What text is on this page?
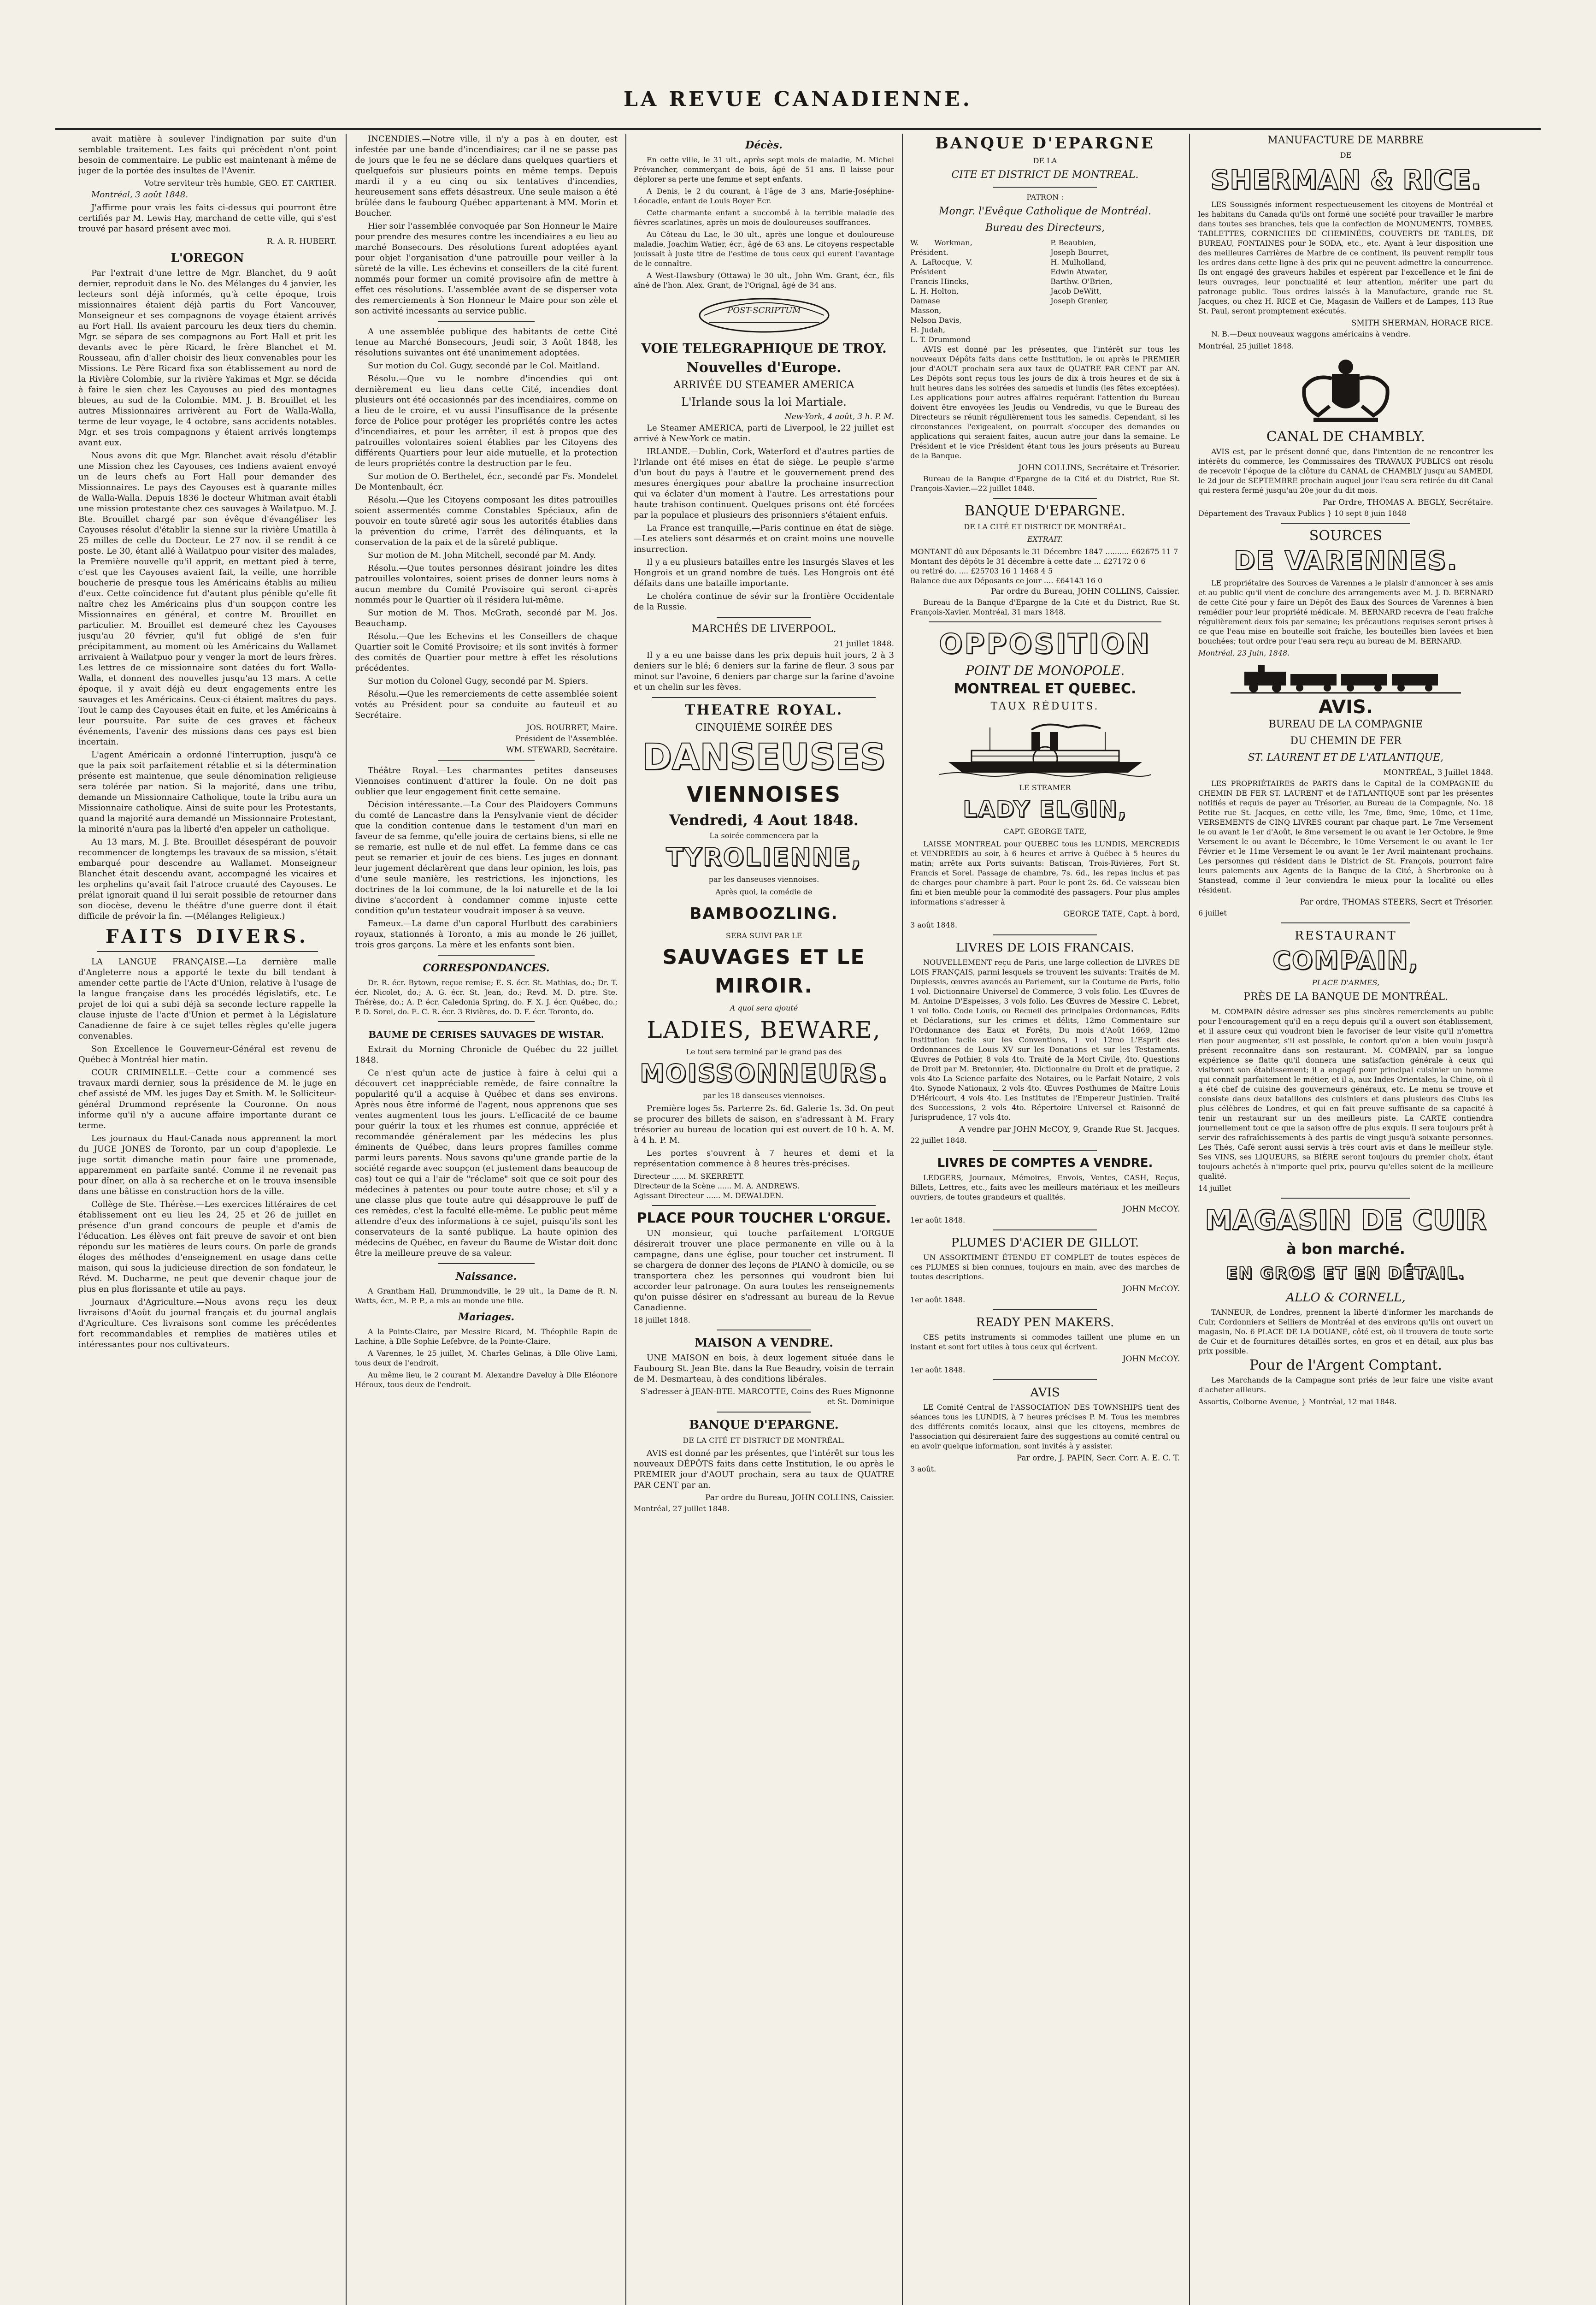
LA REVUE CANADIENNE.

avait matière à soulever l'indignation par suite d'un semblable traitement. Les faits qui précèdent n'ont point besoin de commentaire. Le public est maintenant à même de juger de la portée des insultes de l'Avenir.

Votre serviteur très humble, GEO. ET. CARTIER.

Montréal, 3 août 1848.

J'affirme pour vrais les faits ci-dessus qui pourront être certifiés par M. Lewis Hay, marchand de cette ville, qui s'est trouvé par hasard présent avec moi.

R. A. R. HUBERT.
L'OREGON

Par l'extrait d'une lettre de Mgr. Blanchet, du 9 août dernier, reproduit dans le No. des Mélanges du 4 janvier, les lecteurs sont déjà informés, qu'à cette époque, trois missionnaires étaient déjà partis du Fort Vancouver, Monseigneur et ses compagnons de voyage étaient arrivés au Fort Hall. Ils avaient parcouru les deux tiers du chemin. Mgr. se sépara de ses compagnons au Fort Hall et prit les devants avec le père Ricard, le frère Blanchet et M. Rousseau, afin d'aller choisir des lieux convenables pour les Missions. Le Père Ricard fixa son établissement au nord de la Rivière Colombie, sur la rivière Yakimas et Mgr. se décida à faire le sien chez les Cayouses au pied des montagnes bleues, au sud de la Colombie. MM. J. B. Brouillet et les autres Missionnaires arrivèrent au Fort de Walla-Walla, terme de leur voyage, le 4 octobre, sans accidents notables. Mgr. et ses trois compagnons y étaient arrivés longtemps avant eux.

Nous avons dit que Mgr. Blanchet avait résolu d'établir une Mission chez les Cayouses, ces Indiens avaient envoyé un de leurs chefs au Fort Hall pour demander des Missionnaires. Le pays des Cayouses est à quarante milles de Walla-Walla. Depuis 1836 le docteur Whitman avait établi une mission protestante chez ces sauvages à Wailatpuo. M. J. Bte. Brouillet chargé par son évêque d'évangéliser les Cayouses résolut d'établir la sienne sur la rivière Umatilla à 25 milles de celle du Docteur. Le 27 nov. il se rendit à ce poste. Le 30, étant allé à Wailatpuo pour visiter des malades, la Première nouvelle qu'il apprit, en mettant pied à terre, c'est que les Cayouses avaient fait, la veille, une horrible boucherie de presque tous les Américains établis au milieu d'eux. Cette coïncidence fut d'autant plus pénible qu'elle fit naître chez les Américains plus d'un soupçon contre les Missionnaires en général, et contre M. Brouillet en particulier. M. Brouillet est demeuré chez les Cayouses jusqu'au 20 février, qu'il fut obligé de s'en fuir précipitamment, au moment où les Américains du Wallamet arrivaient à Wailatpuo pour y venger la mort de leurs frères. Les lettres de ce missionnaire sont datées du fort Walla-Walla, et donnent des nouvelles jusqu'au 13 mars. A cette époque, il y avait déjà eu deux engagements entre les sauvages et les Américains. Ceux-ci étaient maîtres du pays. Tout le camp des Cayouses était en fuite, et les Américains à leur poursuite. Par suite de ces graves et fâcheux événements, l'avenir des missions dans ces pays est bien incertain.

L'agent Américain a ordonné l'interruption, jusqu'à ce que la paix soit parfaitement rétablie et si la détermination présente est maintenue, que seule dénomination religieuse sera tolérée par nation. Si la majorité, dans une tribu, demande un Missionnaire Catholique, toute la tribu aura un Missionnaire catholique. Ainsi de suite pour les Protestants, quand la majorité aura demandé un Missionnaire Protestant, la minorité n'aura pas la liberté d'en appeler un catholique.

Au 13 mars, M. J. Bte. Brouillet désespérant de pouvoir recommencer de longtemps les travaux de sa mission, s'était embarqué pour descendre au Wallamet. Monseigneur Blanchet était descendu avant, accompagné les vicaires et les orphelins qu'avait fait l'atroce cruauté des Cayouses. Le prélat ignorait quand il lui serait possible de retourner dans son diocèse, devenu le théâtre d'une guerre dont il était difficile de prévoir la fin. —(Mélanges Religieux.)

FAITS DIVERS.

LA LANGUE FRANÇAISE.—La dernière malle d'Angleterre nous a apporté le texte du bill tendant à amender cette partie de l'Acte d'Union, relative à l'usage de la langue française dans les procédés législatifs, etc. Le projet de loi qui a subi déjà sa seconde lecture rappelle la clause injuste de l'acte d'Union et permet à la Législature Canadienne de faire à ce sujet telles règles qu'elle jugera convenables.

Son Excellence le Gouverneur-Général est revenu de Québec à Montréal hier matin.

COUR CRIMINELLE.—Cette cour a commencé ses travaux mardi dernier, sous la présidence de M. le juge en chef assisté de MM. les juges Day et Smith. M. le Solliciteur-général Drummond représente la Couronne. On nous informe qu'il n'y a aucune affaire importante durant ce terme.

Les journaux du Haut-Canada nous apprennent la mort du JUGE JONES de Toronto, par un coup d'apoplexie. Le juge sortit dimanche matin pour faire une promenade, apparemment en parfaite santé. Comme il ne revenait pas pour dîner, on alla à sa recherche et on le trouva insensible dans une bâtisse en construction hors de la ville.

Collège de Ste. Thérèse.—Les exercices littéraires de cet établissement ont eu lieu les 24, 25 et 26 de juillet en présence d'un grand concours de peuple et d'amis de l'éducation. Les élèves ont fait preuve de savoir et ont bien répondu sur les matières de leurs cours. On parle de grands éloges des méthodes d'enseignement en usage dans cette maison, qui sous la judicieuse direction de son fondateur, le Révd. M. Ducharme, ne peut que devenir chaque jour de plus en plus florissante et utile au pays.

Journaux d'Agriculture.—Nous avons reçu les deux livraisons d'Août du journal français et du journal anglais d'Agriculture. Ces livraisons sont comme les précédentes fort recommandables et remplies de matières utiles et intéressantes pour nos cultivateurs.

INCENDIES.—Notre ville, il n'y a pas à en douter, est infestée par une bande d'incendiaires; car il ne se passe pas de jours que le feu ne se déclare dans quelques quartiers et quelquefois sur plusieurs points en même temps. Depuis mardi il y a eu cinq ou six tentatives d'incendies, heureusement sans effets désastreux. Une seule maison a été brûlée dans le faubourg Québec appartenant à MM. Morin et Boucher.

Hier soir l'assemblée convoquée par Son Honneur le Maire pour prendre des mesures contre les incendiaires a eu lieu au marché Bonsecours. Des résolutions furent adoptées ayant pour objet l'organisation d'une patrouille pour veiller à la sûreté de la ville. Les échevins et conseillers de la cité furent nommés pour former un comité provisoire afin de mettre à effet ces résolutions. L'assemblée avant de se disperser vota des remerciements à Son Honneur le Maire pour son zèle et son activité incessants au service public.

A une assemblée publique des habitants de cette Cité tenue au Marché Bonsecours, Jeudi soir, 3 Août 1848, les résolutions suivantes ont été unanimement adoptées.

Sur motion du Col. Gugy, secondé par le Col. Maitland.

Résolu.—Que vu le nombre d'incendies qui ont dernièrement eu lieu dans cette Cité, incendies dont plusieurs ont été occasionnés par des incendiaires, comme on a lieu de le croire, et vu aussi l'insuffisance de la présente force de Police pour protéger les propriétés contre les actes d'incendiaires, et pour les arrêter, il est à propos que des patrouilles volontaires soient établies par les Citoyens des différents Quartiers pour leur aide mutuelle, et la protection de leurs propriétés contre la destruction par le feu.

Sur motion de O. Berthelet, écr., secondé par Fs. Mondelet De Montenbault, écr.

Résolu.—Que les Citoyens composant les dites patrouilles soient assermentés comme Constables Spéciaux, afin de pouvoir en toute sûreté agir sous les autorités établies dans la prévention du crime, l'arrêt des délinquants, et la conservation de la paix et de la sûreté publique.

Sur motion de M. John Mitchell, secondé par M. Andy.

Résolu.—Que toutes personnes désirant joindre les dites patrouilles volontaires, soient prises de donner leurs noms à aucun membre du Comité Provisoire qui seront ci-après nommés pour le Quartier où il résidera lui-même.

Sur motion de M. Thos. McGrath, secondé par M. Jos. Beauchamp.

Résolu.—Que les Echevins et les Conseillers de chaque Quartier soit le Comité Provisoire; et ils sont invités à former des comités de Quartier pour mettre à effet les résolutions précédentes.

Sur motion du Colonel Gugy, secondé par M. Spiers.

Résolu.—Que les remerciements de cette assemblée soient votés au Président pour sa conduite au fauteuil et au Secrétaire.

JOS. BOURRET, Maire.
Président de l'Assemblée.
WM. STEWARD, Secrétaire.

Théâtre Royal.—Les charmantes petites danseuses Viennoises continuent d'attirer la foule. On ne doit pas oublier que leur engagement finit cette semaine.

Décision intéressante.—La Cour des Plaidoyers Communs du comté de Lancastre dans la Pensylvanie vient de décider que la condition contenue dans le testament d'un mari en faveur de sa femme, qu'elle jouira de certains biens, si elle ne se remarie, est nulle et de nul effet. La femme dans ce cas peut se remarier et jouir de ces biens. Les juges en donnant leur jugement déclarèrent que dans leur opinion, les lois, pas d'une seule manière, les restrictions, les injonctions, les doctrines de la loi commune, de la loi naturelle et de la loi divine s'accordent à condamner comme injuste cette condition qu'un testateur voudrait imposer à sa veuve.

Fameux.—La dame d'un caporal Hurlbutt des carabiniers royaux, stationnés à Toronto, a mis au monde le 26 juillet, trois gros garçons. La mère et les enfants sont bien.

CORRESPONDANCES.

Dr. R. écr. Bytown, reçue remise; E. S. écr. St. Mathias, do.; Dr. T. écr. Nicolet, do.; A. G. écr. St. Jean, do.; Revd. M. D. ptre. Ste. Thérèse, do.; A. P. écr. Caledonia Spring, do. F. X. J. écr. Québec, do.; P. D. Sorel, do. E. C. R. écr. 3 Rivières, do. D. F. écr. Toronto, do.

BAUME DE CERISES SAUVAGES DE WISTAR.

Extrait du Morning Chronicle de Québec du 22 juillet 1848.

Ce n'est qu'un acte de justice à faire à celui qui a découvert cet inappréciable remède, de faire connaître la popularité qu'il a acquise à Québec et dans ses environs. Après nous être informé de l'agent, nous apprenons que ses ventes augmentent tous les jours. L'efficacité de ce baume pour guérir la toux et les rhumes est connue, appréciée et recommandée généralement par les médecins les plus éminents de Québec, dans leurs propres familles comme parmi leurs parents. Nous savons qu'une grande partie de la société regarde avec soupçon (et justement dans beaucoup de cas) tout ce qui a l'air de "réclame" soit que ce soit pour des médecines à patentes ou pour toute autre chose; et s'il y a une classe plus que toute autre qui désapprouve le puff de ces remèdes, c'est la faculté elle-même. Le public peut même attendre d'eux des informations à ce sujet, puisqu'ils sont les conservateurs de la santé publique. La haute opinion des médecins de Québec, en faveur du Baume de Wistar doit donc être la meilleure preuve de sa valeur.

Naissance.

A Grantham Hall, Drummondville, le 29 ult., la Dame de R. N. Watts, écr., M. P. P., a mis au monde une fille.

Mariages.

A la Pointe-Claire, par Messire Ricard, M. Théophile Rapin de Lachine, à Dlle Sophie Lefebvre, de la Pointe-Claire.

A Varennes, le 25 juillet, M. Charles Gelinas, à Dlle Olive Lami, tous deux de l'endroit.

Au même lieu, le 2 courant M. Alexandre Daveluy à Dlle Eléonore Héroux, tous deux de l'endroit.

Décès.

En cette ville, le 31 ult., après sept mois de maladie, M. Michel Prévancher, commerçant de bois, âgé de 51 ans. Il laisse pour déplorer sa perte une femme et sept enfants.

A Denis, le 2 du courant, à l'âge de 3 ans, Marie-Joséphine-Léocadie, enfant de Louis Boyer Ecr.

Cette charmante enfant a succombé à la terrible maladie des fièvres scarlatines, après un mois de douloureuses souffrances.

Au Côteau du Lac, le 30 ult., après une longue et douloureuse maladie, Joachim Watier, écr., âgé de 63 ans. Le citoyens respectable jouissait à juste titre de l'estime de tous ceux qui eurent l'avantage de le connaître.

A West-Hawsbury (Ottawa) le 30 ult., John Wm. Grant, écr., fils aîné de l'hon. Alex. Grant, de l'Orignal, âgé de 34 ans.

POST-SCRIPTUM
VOIE TELEGRAPHIQUE DE TROY.
Nouvelles d'Europe.
ARRIVÉE DU STEAMER AMERICA
L'Irlande sous la loi Martiale.
New-York, 4 août, 3 h. P. M.

Le Steamer AMERICA, parti de Liverpool, le 22 juillet est arrivé à New-York ce matin.

IRLANDE.—Dublin, Cork, Waterford et d'autres parties de l'Irlande ont été mises en état de siège. Le peuple s'arme d'un bout du pays à l'autre et le gouvernement prend des mesures énergiques pour abattre la prochaine insurrection qui va éclater d'un moment à l'autre. Les arrestations pour haute trahison continuent. Quelques prisons ont été forcées par la populace et plusieurs des prisonniers s'étaient enfuis.

La France est tranquille,—Paris continue en état de siège.—Les ateliers sont désarmés et on craint moins une nouvelle insurrection.

Il y a eu plusieurs batailles entre les Insurgés Slaves et les Hongrois et un grand nombre de tués. Les Hongrois ont été défaits dans une bataille importante.

Le choléra continue de sévir sur la frontière Occidentale de la Russie.

MARCHÉS DE LIVERPOOL.
21 juillet 1848.

Il y a eu une baisse dans les prix depuis huit jours, 2 à 3 deniers sur le blé; 6 deniers sur la farine de fleur. 3 sous par minot sur l'avoine, 6 deniers par charge sur la farine d'avoine et un chelin sur les fèves.

THEATRE ROYAL.
CINQUIÈME SOIRÉE DES
DANSEUSES
VIENNOISES
Vendredi, 4 Aout 1848.
La soirée commencera par la
TYROLIENNE,
par les danseuses viennoises.
Après quoi, la comédie de
BAMBOOZLING.
SERA SUIVI PAR LE
SAUVAGES ET LE MIROIR.
A quoi sera ajouté
LADIES, BEWARE,
Le tout sera terminé par le grand pas des
MOISSONNEURS.
par les 18 danseuses viennoises.

Première loges 5s. Parterre 2s. 6d. Galerie 1s. 3d. On peut se procurer des billets de saison, en s'adressant à M. Frary trésorier au bureau de location qui est ouvert de 10 h. A. M. à 4 h. P. M.

Les portes s'ouvrent à 7 heures et demi et la représentation commence à 8 heures très-précises.

Directeur ...... M. SKERRETT.
Directeur de la Scène ...... M. A. ANDREWS.
Agissant Directeur ...... M. DEWALDEN.
PLACE POUR TOUCHER L'ORGUE.

UN monsieur, qui touche parfaitement L'ORGUE désirerait trouver une place permanente en ville ou à la campagne, dans une église, pour toucher cet instrument. Il se chargera de donner des leçons de PIANO à domicile, ou se transportera chez les personnes qui voudront bien lui accorder leur patronage. On aura toutes les renseignements qu'on puisse désirer en s'adressant au bureau de la Revue Canadienne.

18 juillet 1848.
MAISON A VENDRE.

UNE MAISON en bois, à deux logement située dans le Faubourg St. Jean Bte. dans la Rue Beaudry, voisin de terrain de M. Desmarteau, à des conditions libérales.

S'adresser à JEAN-BTE. MARCOTTE, Coins des Rues Mignonne et St. Dominique
BANQUE D'EPARGNE.
DE LA CITÉ ET DISTRICT DE MONTRÉAL.

AVIS est donné par les présentes, que l'intérêt sur tous les nouveaux DÉPÔTS faits dans cette Institution, le ou après le PREMIER jour d'AOUT prochain, sera au taux de QUATRE PAR CENT par an.

Par ordre du Bureau, JOHN COLLINS, Caissier.
Montréal, 27 juillet 1848.
BANQUE D'EPARGNE
DE LA
CITE ET DISTRICT DE MONTREAL.
PATRON :
Mongr. l'Evêque Catholique de Montréal.
Bureau des Directeurs,
W. Workman, Président.
A. LaRocque, V. Président
Francis Hincks,
L. H. Holton,
Damase Masson,
Nelson Davis,
H. Judah,
L. T. Drummond
P. Beaubien,
Joseph Bourret,
H. Mulholland,
Edwin Atwater,
Barthw. O'Brien,
Jacob DeWitt,
Joseph Grenier,

AVIS est donné par les présentes, que l'intérêt sur tous les nouveaux Dépôts faits dans cette Institution, le ou après le PREMIER jour d'AOUT prochain sera aux taux de QUATRE PAR CENT par AN. Les Dépôts sont reçus tous les jours de dix à trois heures et de six à huit heures dans les soirées des samedis et lundis (les fêtes exceptées). Les applications pour autres affaires requérant l'attention du Bureau doivent être envoyées les Jeudis ou Vendredis, vu que le Bureau des Directeurs se réunit régulièrement tous les samedis. Cependant, si les circonstances l'exigeaient, on pourrait s'occuper des demandes ou applications qui seraient faites, aucun autre jour dans la semaine. Le Président et le vice Président étant tous les jours présents au Bureau de la Banque.

JOHN COLLINS, Secrétaire et Trésorier.

Bureau de la Banque d'Epargne de la Cité et du District, Rue St. François-Xavier.—22 juillet 1848.

BANQUE D'EPARGNE.
DE LA CITÉ ET DISTRICT DE MONTRÉAL.
EXTRAIT.
MONTANT dû aux Déposants le 31 Décembre 1847 .......... £62675 11 7
Montant des dépôts le 31 décembre à cette date ... £27172 0 6
ou retiré do. .... £25703 16 1 1468 4 5
Balance due aux Déposants ce jour .... £64143 16 0
Par ordre du Bureau, JOHN COLLINS, Caissier.

Bureau de la Banque d'Epargne de la Cité et du District, Rue St. François-Xavier. Montréal, 31 mars 1848.

OPPOSITION
POINT DE MONOPOLE.
MONTREAL ET QUEBEC.
TAUX RÉDUITS.
LE STEAMER
LADY ELGIN,
CAPT. GEORGE TATE,

LAISSE MONTREAL pour QUEBEC tous les LUNDIS, MERCREDIS et VENDREDIS au soir, à 6 heures et arrive à Québec à 5 heures du matin; arrête aux Ports suivants: Batiscan, Trois-Rivières, Fort St. Francis et Sorel. Passage de chambre, 7s. 6d., les repas inclus et pas de charges pour chambre à part. Pour le pont 2s. 6d. Ce vaisseau bien fini et bien meublé pour la commodité des passagers. Pour plus amples informations s'adresser à

GEORGE TATE, Capt. à bord,
3 août 1848.
LIVRES DE LOIS FRANCAIS.

NOUVELLEMENT reçu de Paris, une large collection de LIVRES DE LOIS FRANÇAIS, parmi lesquels se trouvent les suivants: Traités de M. Duplessis, œuvres avancés au Parlement, sur la Coutume de Paris, folio 1 vol. Dictionnaire Universel de Commerce, 3 vols folio. Les Œuvres de M. Antoine D'Espeisses, 3 vols folio. Les Œuvres de Messire C. Lebret, 1 vol folio. Code Louis, ou Recueil des principales Ordonnances, Edits et Déclarations, sur les crimes et délits, 12mo Commentaire sur l'Ordonnance des Eaux et Forêts, Du mois d'Août 1669, 12mo Institution facile sur les Conventions, 1 vol 12mo L'Esprit des Ordonnances de Louis XV sur les Donations et sur les Testaments. Œuvres de Pothier, 8 vols 4to. Traité de la Mort Civile, 4to. Questions de Droit par M. Bretonnier, 4to. Dictionnaire du Droit et de pratique, 2 vols 4to La Science parfaite des Notaires, ou le Parfait Notaire, 2 vols 4to. Synode Nationaux, 2 vols 4to. Œuvres Posthumes de Maître Louis D'Héricourt, 4 vols 4to. Les Institutes de l'Empereur Justinien. Traité des Successions, 2 vols 4to. Répertoire Universel et Raisonné de Jurisprudence, 17 vols 4to.

A vendre par JOHN McCOY, 9, Grande Rue St. Jacques.
22 juillet 1848.
LIVRES DE COMPTES A VENDRE.

LEDGERS, Journaux, Mémoires, Envois, Ventes, CASH, Reçus, Billets, Lettres, etc., faits avec les meilleurs matériaux et les meilleurs ouvriers, de toutes grandeurs et qualités.

JOHN McCOY.
1er août 1848.
PLUMES D'ACIER DE GILLOT.

UN ASSORTIMENT ÉTENDU ET COMPLET de toutes espèces de ces PLUMES si bien connues, toujours en main, avec des marches de toutes descriptions.

JOHN McCOY.
1er août 1848.
READY PEN MAKERS.

CES petits instruments si commodes taillent une plume en un instant et sont fort utiles à tous ceux qui écrivent.

JOHN McCOY.
1er août 1848.
AVIS

LE Comité Central de l'ASSOCIATION DES TOWNSHIPS tient des séances tous les LUNDIS, à 7 heures précises P. M. Tous les membres des différents comités locaux, ainsi que les citoyens, membres de l'association qui désireraient faire des suggestions au comité central ou en avoir quelque information, sont invités à y assister.

Par ordre, J. PAPIN, Secr. Corr. A. E. C. T.
3 août.
MANUFACTURE DE MARBRE
DE
SHERMAN & RICE.

LES Soussignés informent respectueusement les citoyens de Montréal et les habitans du Canada qu'ils ont formé une société pour travailler le marbre dans toutes ses branches, tels que la confection de MONUMENTS, TOMBES, TABLETTES, CORNICHES DE CHEMINÉES, COUVERTS DE TABLES, DE BUREAU, FONTAINES pour le SODA, etc., etc. Ayant à leur disposition une des meilleures Carrières de Marbre de ce continent, ils peuvent remplir tous les ordres dans cette ligne à des prix qui ne peuvent admettre la concurrence. Ils ont engagé des graveurs habiles et espèrent par l'excellence et le fini de leurs ouvrages, leur ponctualité et leur attention, mériter une part du patronage public. Tous ordres laissés à la Manufacture, grande rue St. Jacques, ou chez H. RICE et Cie, Magasin de Vaillers et de Lampes, 113 Rue St. Paul, seront promptement exécutés.

SMITH SHERMAN, HORACE RICE.

N. B.—Deux nouveaux waggons américains à vendre.

Montréal, 25 juillet 1848.
CANAL DE CHAMBLY.

AVIS est, par le présent donné que, dans l'intention de ne rencontrer les intérêts du commerce, les Commissaires des TRAVAUX PUBLICS ont résolu de recevoir l'époque de la clôture du CANAL de CHAMBLY jusqu'au SAMEDI, le 2d jour de SEPTEMBRE prochain auquel jour l'eau sera retirée du dit Canal qui restera fermé jusqu'au 20e jour du dit mois.

Par Ordre, THOMAS A. BEGLY, Secrétaire.
Département des Travaux Publics } 10 sept 8 juin 1848
SOURCES
DE VARENNES.

LE propriétaire des Sources de Varennes a le plaisir d'annoncer à ses amis et au public qu'il vient de conclure des arrangements avec M. J. D. BERNARD de cette Cité pour y faire un Dépôt des Eaux des Sources de Varennes à bien remédier pour leur propriété médicale. M. BERNARD recevra de l'eau fraîche régulièrement deux fois par semaine; les précautions requises seront prises à ce que l'eau mise en bouteille soit fraîche, les bouteilles bien lavées et bien bouchées; tout ordre pour l'eau sera reçu au bureau de M. BERNARD.

Montréal, 23 Juin, 1848.
AVIS.
BUREAU DE LA COMPAGNIE
DU CHEMIN DE FER
ST. LAURENT ET DE L'ATLANTIQUE,
MONTRÉAL, 3 Juillet 1848.

LES PROPRIÉTAIRES de PARTS dans le Capital de la COMPAGNIE du CHEMIN DE FER ST. LAURENT et de l'ATLANTIQUE sont par les présentes notifiés et requis de payer au Trésorier, au Bureau de la Compagnie, No. 18 Petite rue St. Jacques, en cette ville, les 7me, 8me, 9me, 10me, et 11me, VERSEMENTS de CINQ LIVRES courant par chaque part. Le 7me Versement le ou avant le 1er d'Août, le 8me versement le ou avant le 1er Octobre, le 9me Versement le ou avant le Décembre, le 10me Versement le ou avant le 1er Février et le 11me Versement le ou avant le 1er Avril maintenant prochains. Les personnes qui résident dans le District de St. François, pourront faire leurs paiements aux Agents de la Banque de la Cité, à Sherbrooke ou à Stanstead, comme il leur conviendra le mieux pour la localité ou elles résident.

Par ordre, THOMAS STEERS, Secrt et Trésorier.
6 juillet
RESTAURANT
COMPAIN,
PLACE D'ARMES,
PRÈS DE LA BANQUE DE MONTRÉAL.

M. COMPAIN désire adresser ses plus sincères remerciements au public pour l'encouragement qu'il en a reçu depuis qu'il a ouvert son établissement, et il assure ceux qui voudront bien le favoriser de leur visite qu'il n'omettra rien pour augmenter, s'il est possible, le confort qu'on a bien voulu jusqu'à présent reconnaître dans son restaurant. M. COMPAIN, par sa longue expérience se flatte qu'il donnera une satisfaction générale à ceux qui visiteront son établissement; il a engagé pour principal cuisinier un homme qui connaît parfaitement le métier, et il a, aux Indes Orientales, la Chine, où il a été chef de cuisine des gouverneurs généraux, etc. Le menu se trouve et consiste dans deux bataillons des cuisiniers et dans plusieurs des Clubs les plus célèbres de Londres, et qui en fait preuve suffisante de sa capacité à tenir un restaurant sur un des meilleurs piste. La CARTE contiendra journellement tout ce que la saison offre de plus exquis. Il sera toujours prêt à servir des rafraîchissements à des partis de vingt jusqu'à soixante personnes. Les Thés, Café seront aussi servis à très court avis et dans le meilleur style. Ses VINS, ses LIQUEURS, sa BIÈRE seront toujours du premier choix, étant toujours achetés à n'importe quel prix, pourvu qu'elles soient de la meilleure qualité.

14 juillet
MAGASIN DE CUIR
à bon marché.
EN GROS ET EN DÉTAIL.
ALLO & CORNELL,

TANNEUR, de Londres, prennent la liberté d'informer les marchands de Cuir, Cordonniers et Selliers de Montréal et des environs qu'ils ont ouvert un magasin, No. 6 PLACE DE LA DOUANE, côté est, où il trouvera de toute sorte de Cuir et de fournitures détaillés sortes, en gros et en détail, aux plus bas prix possible.

Pour de l'Argent Comptant.

Les Marchands de la Campagne sont priés de leur faire une visite avant d'acheter ailleurs.

Assortis, Colborne Avenue, } Montréal, 12 mai 1848.
